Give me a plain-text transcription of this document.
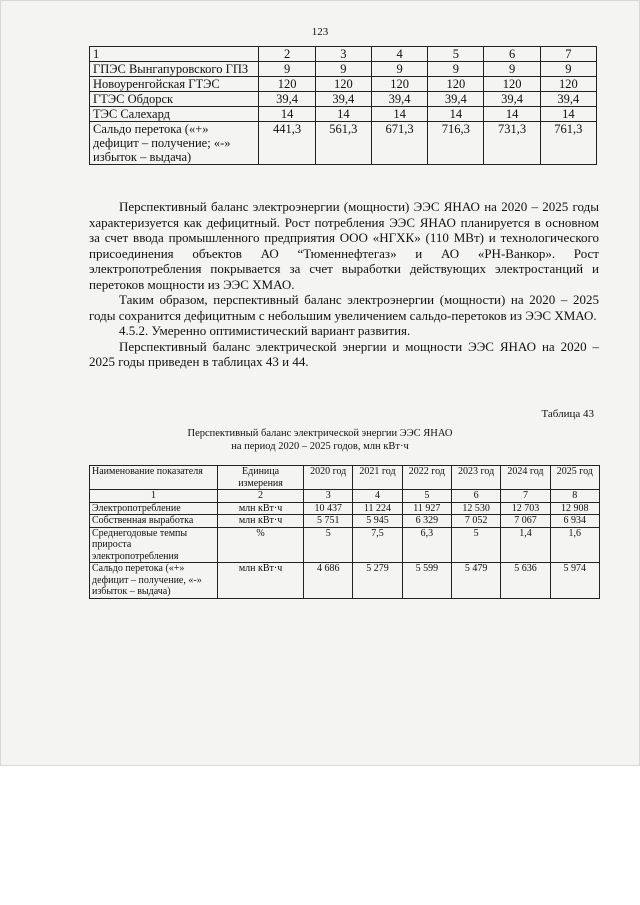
123
1	2	3	4	5	6	7
ГПЭС Вынгапуровского ГПЗ	9	9	9	9	9	9
Новоуренгойская ГТЭС	120	120	120	120	120	120
ГТЭС Обдорск	39,4	39,4	39,4	39,4	39,4	39,4
ТЭС Салехард	14	14	14	14	14	14
Сальдо перетока («+» дефицит – получение; «-» избыток – выдача)	441,3	561,3	671,3	716,3	731,3	761,3

Перспективный баланс электроэнергии (мощности) ЭЭС ЯНАО на 2020 – 2025 годы характеризуется как дефицитный. Рост потребления ЭЭС ЯНАО планируется в основном за счет ввода промышленного предприятия ООО «НГХК» (110 МВт) и технологического присоединения объектов АО “Тюменнефтегаз» и АО «РН-Ванкор». Рост электропотребления покрывается за счет выработки действующих электростанций и перетоков мощности из ЭЭС ХМАО.

Таким образом, перспективный баланс электроэнергии (мощности) на 2020 – 2025 годы сохранится дефицитным с небольшим увеличением сальдо-перетоков из ЭЭС ХМАО.

4.5.2. Умеренно оптимистический вариант развития.

Перспективный баланс электрической энергии и мощности ЭЭС ЯНАО на 2020 – 2025 годы приведен в таблицах 43 и 44.

Таблица 43
Перспективный баланс электрической энергии ЭЭС ЯНАО
на период 2020 – 2025 годов, млн кВт·ч
Наименование показателя	Единица измерения	2020 год	2021 год	2022 год	2023 год	2024 год	2025 год
1	2	3	4	5	6	7	8
Электропотребление	млн кВт·ч	10 437	11 224	11 927	12 530	12 703	12 908
Собственная выработка	млн кВт·ч	5 751	5 945	6 329	7 052	7 067	6 934
Среднегодовые темпы прироста электропотребления	%	5	7,5	6,3	5	1,4	1,6
Сальдо перетока («+» дефицит – получение, «-» избыток – выдача)	млн кВт·ч	4 686	5 279	5 599	5 479	5 636	5 974
